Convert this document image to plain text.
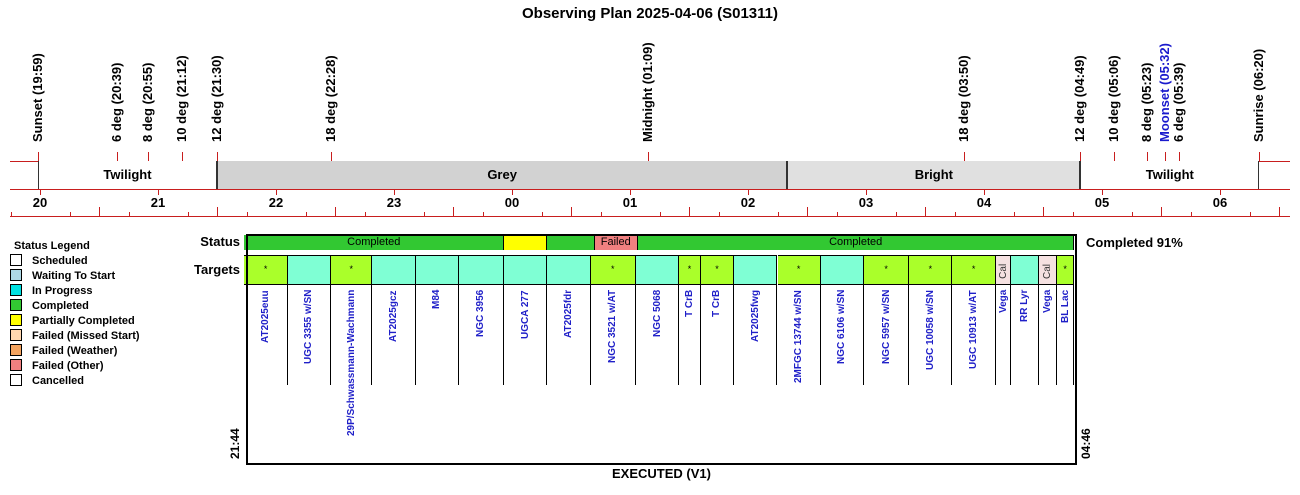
Observing Plan 2025-04-06 (S01311)
Sunset (19:59)	6 deg (20:39) 8 deg (20:55) 10 deg (21:12) 12 deg (21:30)	18 deg (22:28)	Midnight (01:09)	18 deg (03:50)	12 deg (04:49) 10 deg (05:06) 8 deg (05:23) Moonset (05:32)
6 deg (05:39)	Sunrise (06:20)
Twilight	Grey	Bright	Twilight
20	21	22	23	00	01	02	03	04	05	06
Status Legend
Scheduled
Waiting To Start
In Progress
Completed
Partially Completed
Failed (Missed Start)
Failed (Weather)
Failed (Other)
Cancelled
Status
Targets
Completed	Failed	Completed
*
AT2025euu	UGC 3355 w/SN
*
29P/Schwassmann-Wachmann	AT2025gcz	M84	NGC 3956	UGCA 277	AT2025fdr
*
NGC 3521 w/AT	NGC 5068
*
T CrB
*
T CrB	AT2025fwg
*
2MFGC 13744 w/SN	NGC 6106 w/SN
*
NGC 5957 w/SN
*
UGC 10058 w/SN
*
UGC 10913 w/AT
Cal
Vega RR Lyr
Cal
Vega
*
BL Lac
21:44	04:46
EXECUTED (V1)
Completed 91%
